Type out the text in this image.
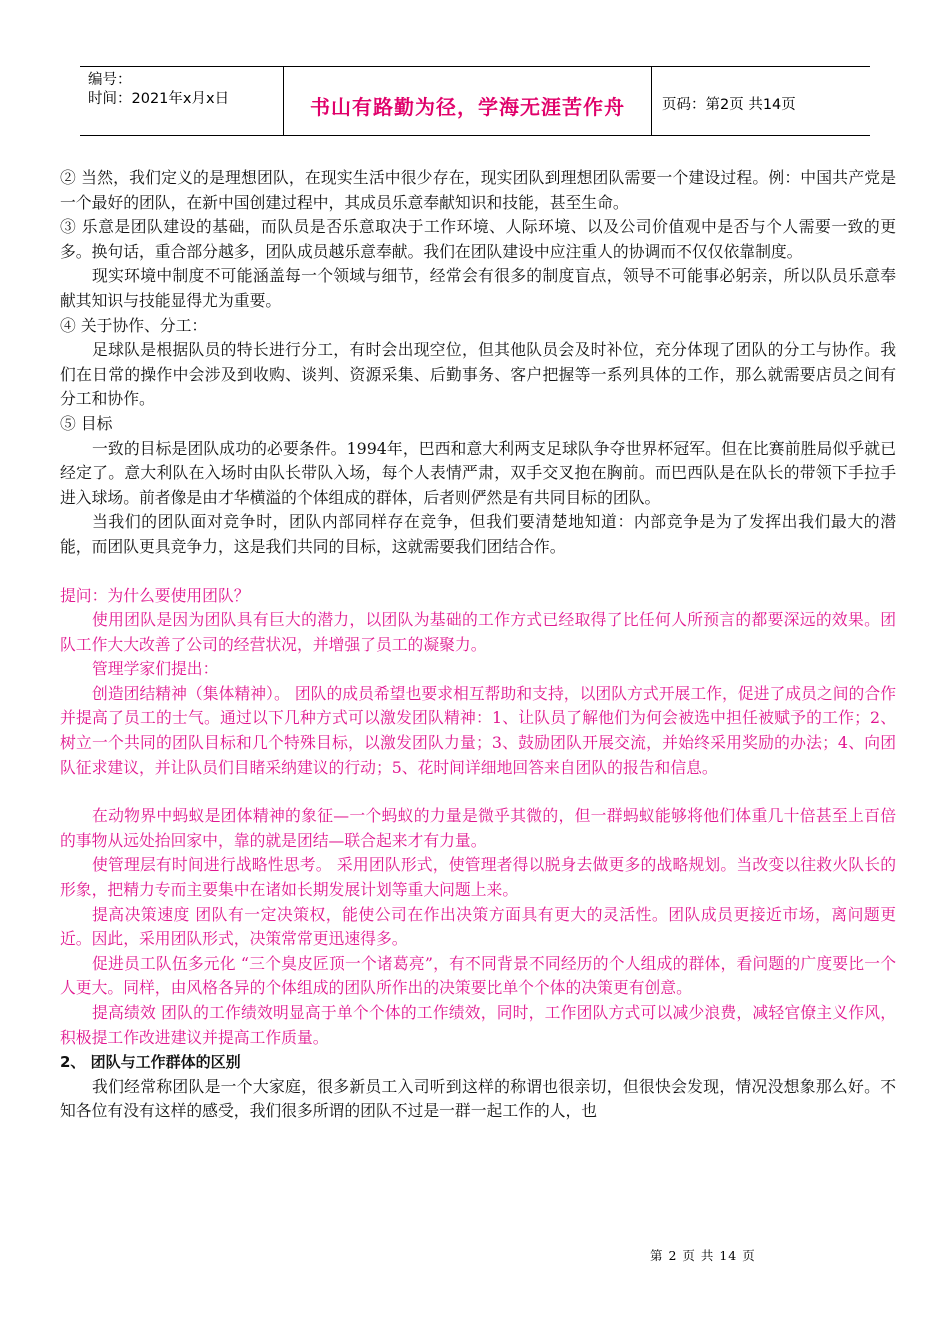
编号：
时间：2021年x月x日	书山有路勤为径，学海无涯苦作舟	页码：第2页 共14页

② 当然，我们定义的是理想团队，在现实生活中很少存在，现实团队到理想团队需要一个建设过程。例：中国共产党是一个最好的团队，在新中国创建过程中，其成员乐意奉献知识和技能，甚至生命。

③ 乐意是团队建设的基础，而队员是否乐意取决于工作环境、人际环境、以及公司价值观中是否与个人需要一致的更多。换句话，重合部分越多，团队成员越乐意奉献。我们在团队建设中应注重人的协调而不仅仅依靠制度。

现实环境中制度不可能涵盖每一个领域与细节，经常会有很多的制度盲点，领导不可能事必躬亲，所以队员乐意奉献其知识与技能显得尤为重要。

④ 关于协作、分工：

足球队是根据队员的特长进行分工，有时会出现空位，但其他队员会及时补位，充分体现了团队的分工与协作。我们在日常的操作中会涉及到收购、谈判、资源采集、后勤事务、客户把握等一系列具体的工作，那么就需要店员之间有分工和协作。

⑤ 目标

一致的目标是团队成功的必要条件。1994年，巴西和意大利两支足球队争夺世界杯冠军。但在比赛前胜局似乎就已经定了。意大利队在入场时由队长带队入场，每个人表情严肃，双手交叉抱在胸前。而巴西队是在队长的带领下手拉手进入球场。前者像是由才华横溢的个体组成的群体，后者则俨然是有共同目标的团队。

当我们的团队面对竞争时，团队内部同样存在竞争，但我们要清楚地知道：内部竞争是为了发挥出我们最大的潜能，而团队更具竞争力，这是我们共同的目标，这就需要我们团结合作。

提问：为什么要使用团队？

使用团队是因为团队具有巨大的潜力，以团队为基础的工作方式已经取得了比任何人所预言的都要深远的效果。团队工作大大改善了公司的经营状况，并增强了员工的凝聚力。

管理学家们提出：

创造团结精神（集体精神）。 团队的成员希望也要求相互帮助和支持，以团队方式开展工作，促进了成员之间的合作并提高了员工的士气。通过以下几种方式可以激发团队精神：1、让队员了解他们为何会被选中担任被赋予的工作；2、树立一个共同的团队目标和几个特殊目标，以激发团队力量；3、鼓励团队开展交流，并始终采用奖励的办法；4、向团队征求建议，并让队员们目睹采纳建议的行动；5、花时间详细地回答来自团队的报告和信息。

在动物界中蚂蚁是团体精神的象征—一个蚂蚁的力量是微乎其微的，但一群蚂蚁能够将他们体重几十倍甚至上百倍的事物从远处抬回家中，靠的就是团结—联合起来才有力量。

使管理层有时间进行战略性思考。 采用团队形式，使管理者得以脱身去做更多的战略规划。当改变以往救火队长的形象，把精力专而主要集中在诸如长期发展计划等重大问题上来。

提高决策速度 团队有一定决策权，能使公司在作出决策方面具有更大的灵活性。团队成员更接近市场，离问题更近。因此，采用团队形式，决策常常更迅速得多。

促进员工队伍多元化 “三个臭皮匠顶一个诸葛亮”，有不同背景不同经历的个人组成的群体，看问题的广度要比一个人更大。同样，由风格各异的个体组成的团队所作出的决策要比单个个体的决策更有创意。

提高绩效 团队的工作绩效明显高于单个个体的工作绩效，同时，工作团队方式可以减少浪费，减轻官僚主义作风，积极提工作改进建议并提高工作质量。

2、 团队与工作群体的区别

我们经常称团队是一个大家庭，很多新员工入司听到这样的称谓也很亲切，但很快会发现，情况没想象那么好。不知各位有没有这样的感受，我们很多所谓的团队不过是一群一起工作的人，也

第 2 页 共 14 页
